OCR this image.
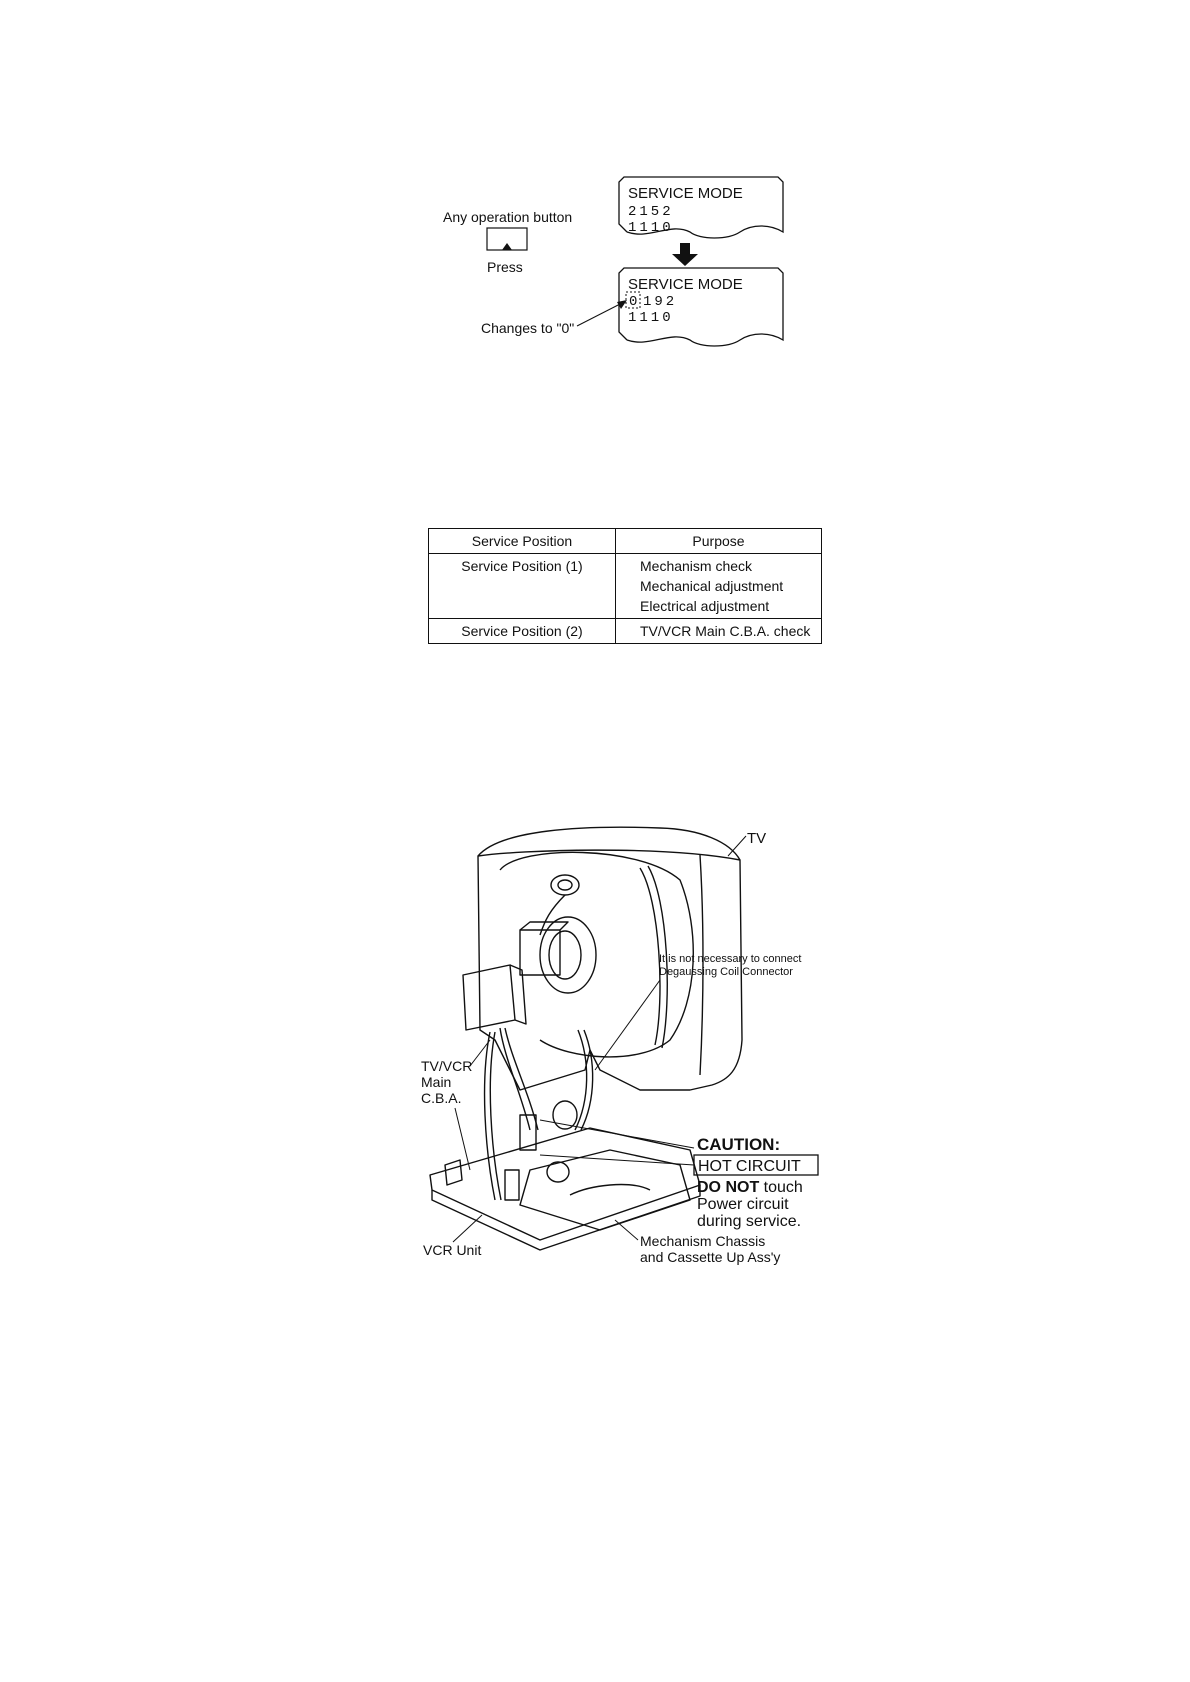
Any operation button
Press
SERVICE MODE
2152
1110
SERVICE MODE
0 192
1110
Changes to "0"
Service Position	Purpose
Service Position (1)	Mechanism check
Mechanical adjustment
Electrical adjustment

Service Position (2)	TV/VCR Main C.B.A. check
TV
It is not necessary to connect
Degaussing Coil Connector
TV/VCR
Main
C.B.A.
VCR Unit
Mechanism Chassis
and Cassette Up Ass'y
CAUTION:
HOT CIRCUIT
DO NOT touch
Power circuit
during service.
